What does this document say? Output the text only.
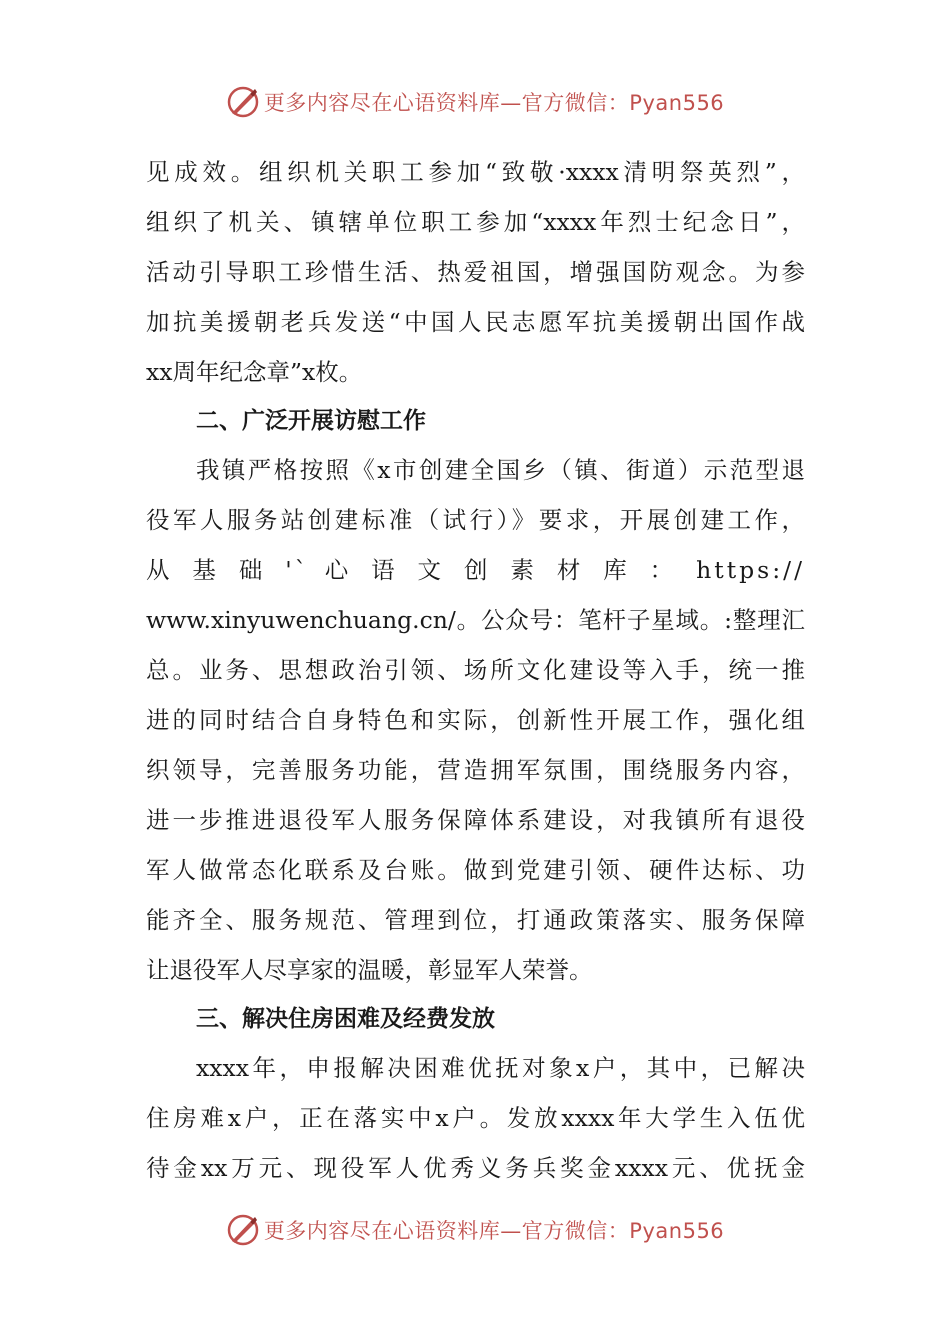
更多内容尽在心语资料库—官方微信：Pyan556
见成效。组织机关职工参加“致敬·xxxx清明祭英烈”，
组织了机关、镇辖单位职工参加“xxxx年烈士纪念日”，
活动引导职工珍惜生活、热爱祖国，增强国防观念。为参
加抗美援朝老兵发送“中国人民志愿军抗美援朝出国作战
xx周年纪念章”x枚。
二、广泛开展访慰工作
我镇严格按照《x市创建全国乡（镇、街道）示范型退
役军人服务站创建标准（试行）》要求，开展创建工作，
从 基 础 '` 心 语 文 创 素 材 库 ： https://
www.xinyuwenchuang.cn/。公众号：笔杆子星域。:整理汇
总。业务、思想政治引领、场所文化建设等入手，统一推
进的同时结合自身特色和实际，创新性开展工作，强化组
织领导，完善服务功能，营造拥军氛围，围绕服务内容，
进一步推进退役军人服务保障体系建设，对我镇所有退役
军人做常态化联系及台账。做到党建引领、硬件达标、功
能齐全、服务规范、管理到位，打通政策落实、服务保障
让退役军人尽享家的温暖，彰显军人荣誉。
三、解决住房困难及经费发放
xxxx年，申报解决困难优抚对象x户，其中，已解决
住房难x户，正在落实中x户。发放xxxx年大学生入伍优
待金xx万元、现役军人优秀义务兵奖金xxxx元、优抚金
更多内容尽在心语资料库—官方微信：Pyan556
